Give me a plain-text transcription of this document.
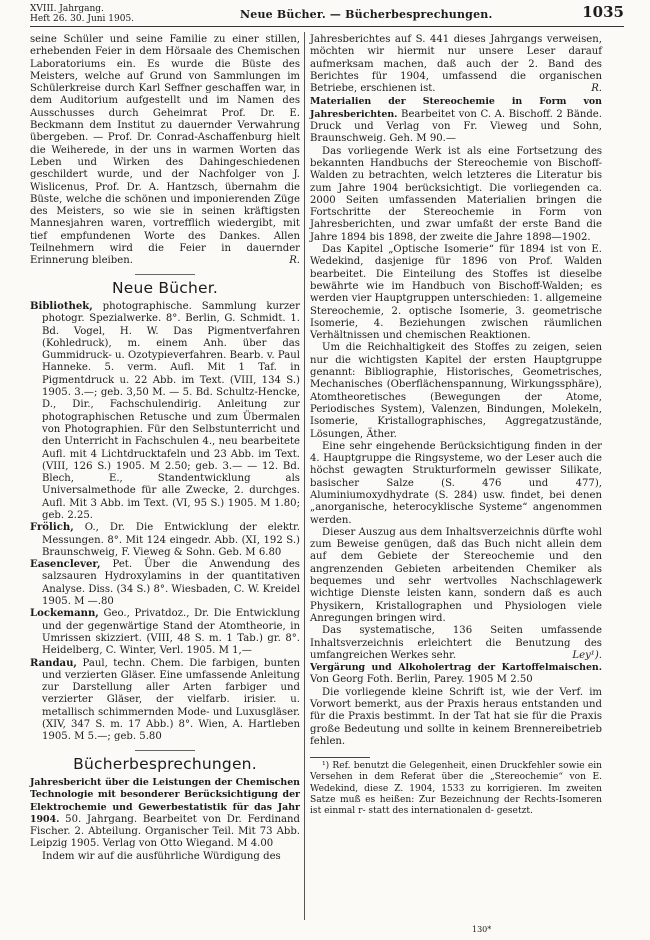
XVIII. Jahrgang.
Heft 26. 30. Juni 1905.	Neue Bücher. — Bücherbesprechungen.	1035

seine Schüler und seine Familie zu einer stillen, erhebenden Feier in dem Hörsaale des Chemischen Laboratoriums ein. Es wurde die Büste des Meisters, welche auf Grund von Sammlungen im Schülerkreise durch Karl Seffner geschaffen war, in dem Auditorium aufgestellt und im Namen des Ausschusses durch Geheimrat Prof. Dr. E. Beckmann dem Institut zu dauernder Verwahrung übergeben. — Prof. Dr. Conrad-Aschaffenburg hielt die Weiherede, in der uns in warmen Worten das Leben und Wirken des Dahingeschiedenen geschildert wurde, und der Nachfolger von J. Wislicenus, Prof. Dr. A. Hantzsch, übernahm die Büste, welche die schönen und imponierenden Züge des Meisters, so wie sie in seinen kräftigsten Mannesjahren waren, vortrefflich wiedergibt, mit tief empfundenen Worte des Dankes. Allen Teilnehmern wird die Feier in dauernder Erinnerung bleiben.	R.

Neue Bücher.

Bibliothek, photographische. Sammlung kurzer photogr. Spezialwerke. 8°. Berlin, G. Schmidt. 1. Bd. Vogel, H. W. Das Pigmentverfahren (Kohledruck), m. einem Anh. über das Gummidruck- u. Ozotypieverfahren. Bearb. v. Paul Hanneke. 5. verm. Aufl. Mit 1 Taf. in Pigmentdruck u. 22 Abb. im Text. (VIII, 134 S.) 1905. 3.—; geb. 3,50 M. — 5. Bd. Schultz-Hencke, D., Dir., Fachschulendirig. Anleitung zur photographischen Retusche und zum Übermalen von Photographien. Für den Selbstunterricht und den Unterricht in Fachschulen 4., neu bearbeitete Aufl. mit 4 Lichtdrucktafeln und 23 Abb. im Text. (VIII, 126 S.) 1905. M 2.50; geb. 3.— — 12. Bd. Blech, E., Standentwicklung als Universalmethode für alle Zwecke, 2. durchges. Aufl. Mit 3 Abb. im Text. (VI, 95 S.) 1905. M 1.80; geb. 2.25.

Frölich, O., Dr. Die Entwicklung der elektr. Messungen. 8°. Mit 124 eingedr. Abb. (XI, 192 S.) Braunschweig, F. Vieweg & Sohn. Geb. M 6.80

Easenclever, Pet. Über die Anwendung des salzsauren Hydroxylamins in der quantitativen Analyse. Diss. (34 S.) 8°. Wiesbaden, C. W. Kreidel 1905. M —.80

Lockemann, Geo., Privatdoz., Dr. Die Entwicklung und der gegenwärtige Stand der Atomtheorie, in Umrissen skizziert. (VIII, 48 S. m. 1 Tab.) gr. 8°. Heidelberg, C. Winter, Verl. 1905. M 1,—

Randau, Paul, techn. Chem. Die farbigen, bunten und verzierten Gläser. Eine umfassende Anleitung zur Darstellung aller Arten farbiger und verzierter Gläser, der vielfarb. irisier. u. metallisch schimmernden Mode- und Luxusgläser. (XIV, 347 S. m. 17 Abb.) 8°. Wien, A. Hartleben 1905. M 5.—; geb. 5.80

Bücherbesprechungen.

Jahresbericht über die Leistungen der Chemischen Technologie mit besonderer Berücksichtigung der Elektrochemie und Gewerbestatistik für das Jahr 1904. 50. Jahrgang. Bearbeitet von Dr. Ferdinand Fischer. 2. Abteilung. Organischer Teil. Mit 73 Abb. Leipzig 1905. Verlag von Otto Wiegand. M 4.00

Indem wir auf die ausführliche Würdigung des

Jahresberichtes auf S. 441 dieses Jahrgangs verweisen, möchten wir hiermit nur unsere Leser darauf aufmerksam machen, daß auch der 2. Band des Berichtes für 1904, umfassend die organischen Betriebe, erschienen ist.	R.

Materialien der Stereochemie in Form von Jahresberichten. Bearbeitet von C. A. Bischoff. 2 Bände. Druck und Verlag von Fr. Vieweg und Sohn, Braunschweig. Geh. M 90.—

Das vorliegende Werk ist als eine Fortsetzung des bekannten Handbuchs der Stereochemie von Bischoff-Walden zu betrachten, welch letzteres die Literatur bis zum Jahre 1904 berücksichtigt. Die vorliegenden ca. 2000 Seiten umfassenden Materialien bringen die Fortschritte der Stereochemie in Form von Jahresberichten, und zwar umfaßt der erste Band die Jahre 1894 bis 1898, der zweite die Jahre 1898—1902.

Das Kapitel „Optische Isomerie“ für 1894 ist von E. Wedekind, dasjenige für 1896 von Prof. Walden bearbeitet. Die Einteilung des Stoffes ist dieselbe bewährte wie im Handbuch von Bischoff-Walden; es werden vier Hauptgruppen unterschieden: 1. allgemeine Stereochemie, 2. optische Isomerie, 3. geometrische Isomerie, 4. Beziehungen zwischen räumlichen Verhältnissen und chemischen Reaktionen.

Um die Reichhaltigkeit des Stoffes zu zeigen, seien nur die wichtigsten Kapitel der ersten Hauptgruppe genannt: Bibliographie, Historisches, Geometrisches, Mechanisches (Oberflächenspannung, Wirkungssphäre), Atomtheoretisches (Bewegungen der Atome, Periodisches System), Valenzen, Bindungen, Molekeln, Isomerie, Kristallographisches, Aggregatzustände, Lösungen, Äther.

Eine sehr eingehende Berücksichtigung finden in der 4. Hauptgruppe die Ringsysteme, wo der Leser auch die höchst gewagten Strukturformeln gewisser Silikate, basischer Salze (S. 476 und 477), Aluminiumoxydhydrate (S. 284) usw. findet, bei denen „anorganische, heterocyklische Systeme“ angenommen werden.

Dieser Auszug aus dem Inhaltsverzeichnis dürfte wohl zum Beweise genügen, daß das Buch nicht allein dem auf dem Gebiete der Stereochemie und den angrenzenden Gebieten arbeitenden Chemiker als bequemes und sehr wertvolles Nachschlagewerk wichtige Dienste leisten kann, sondern daß es auch Physikern, Kristallographen und Physiologen viele Anregungen bringen wird.

Das systematische, 136 Seiten umfassende Inhaltsverzeichnis erleichtert die Benutzung des umfangreichen Werkes sehr.	Ley¹).

Vergärung und Alkoholertrag der Kartoffelmaischen. Von Georg Foth. Berlin, Parey. 1905 M 2.50

Die vorliegende kleine Schrift ist, wie der Verf. im Vorwort bemerkt, aus der Praxis heraus entstanden und für die Praxis bestimmt. In der Tat hat sie für die Praxis große Bedeutung und sollte in keinem Brennereibetrieb fehlen.

¹) Ref. benutzt die Gelegenheit, einen Druckfehler sowie ein Versehen in dem Referat über die „Stereochemie“ von E. Wedekind, diese Z. 1904, 1533 zu korrigieren. Im zweiten Satze muß es heißen: Zur Bezeichnung der Rechts-Isomeren ist einmal r- statt des internationalen d- gesetzt.

130*
